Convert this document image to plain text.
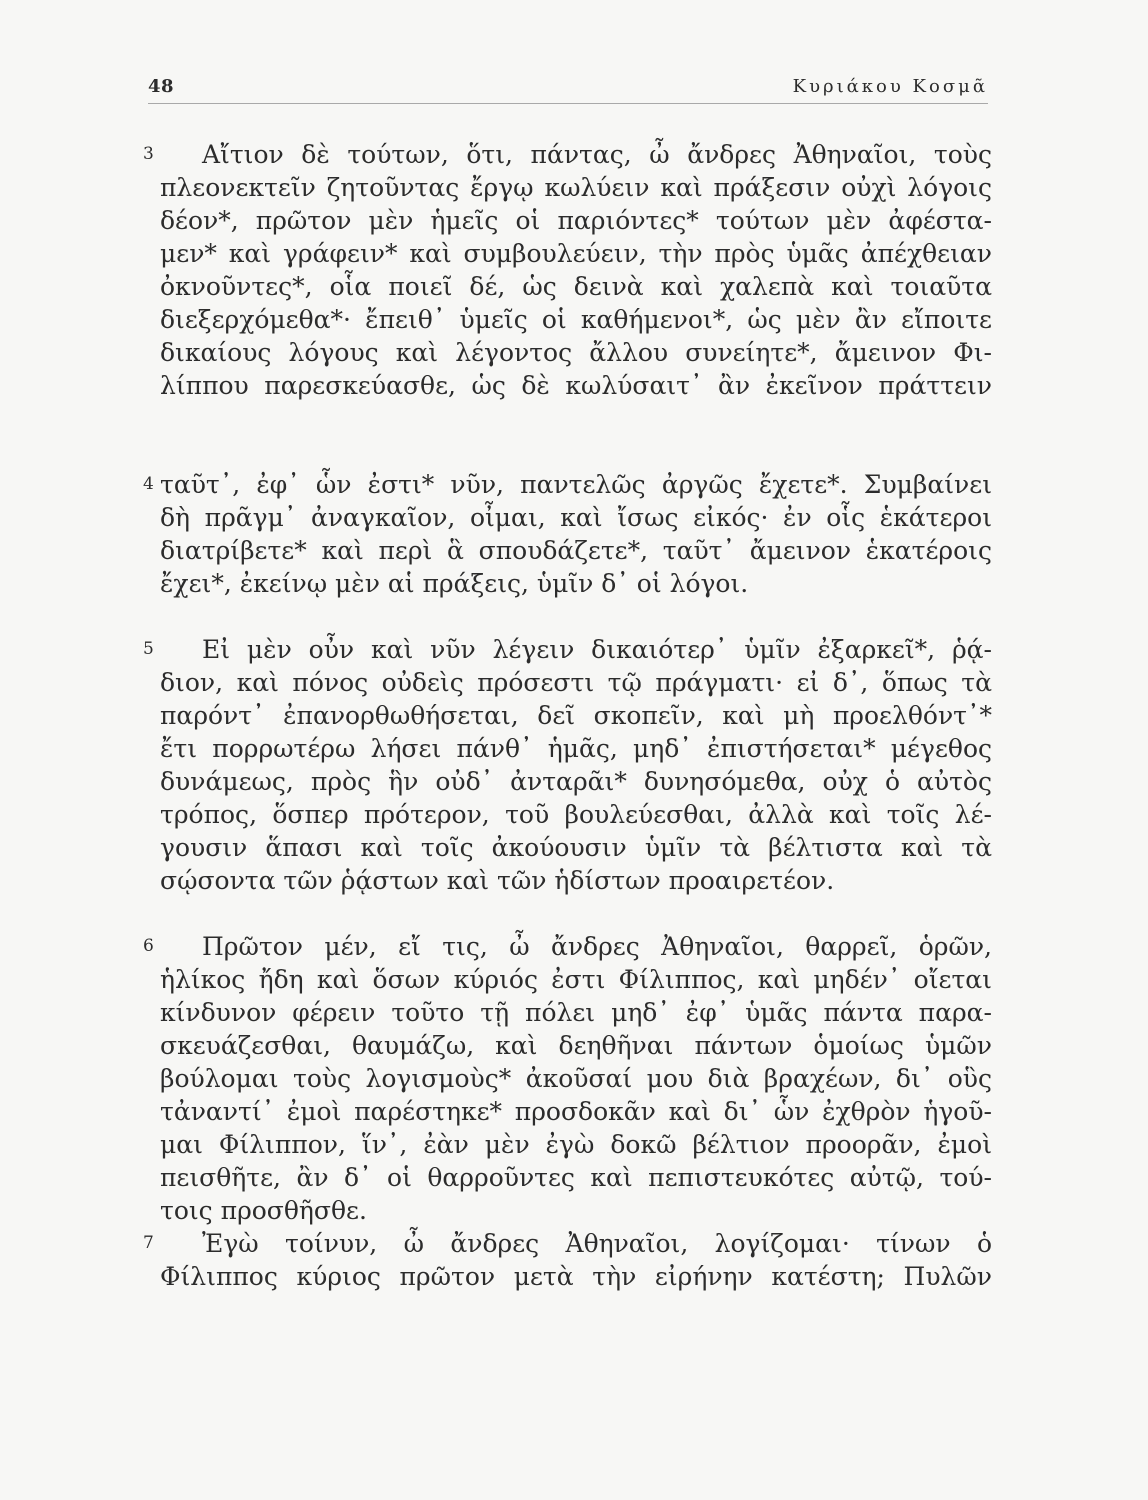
48	Κυριάκου Κοσμᾶ
3
4
5
6
7
Αἴτιον δὲ τούτων, ὅτι, πάντας, ὦ ἄνδρες Ἀθηναῖοι, τοὺς
πλεονεκτεῖν ζητοῦντας ἔργῳ κωλύειν καὶ πράξεσιν οὐχὶ λόγοις
δέον*, πρῶτον μὲν ἡμεῖς οἱ παριόντες* τούτων μὲν ἀφέστα-
μεν* καὶ γράφειν* καὶ συμβουλεύειν, τὴν πρὸς ὑμᾶς ἀπέχθειαν
ὀκνοῦντες*, οἷα ποιεῖ δέ, ὡς δεινὰ καὶ χαλεπὰ καὶ τοιαῦτα
διεξερχόμεθα*· ἔπειθ᾽ ὑμεῖς οἱ καθήμενοι*, ὡς μὲν ἂν εἴποιτε
δικαίους λόγους καὶ λέγοντος ἄλλου συνείητε*, ἄμεινον Φι-
λίππου παρεσκεύασθε, ὡς δὲ κωλύσαιτ᾽ ἂν ἐκεῖνον πράττειν
ταῦτ᾽, ἐφ᾽ ὧν ἐστι* νῦν, παντελῶς ἀργῶς ἔχετε*. Συμβαίνει
δὴ πρᾶγμ᾽ ἀναγκαῖον, οἶμαι, καὶ ἴσως εἰκός· ἐν οἷς ἑκάτεροι
διατρίβετε* καὶ περὶ ἃ σπουδάζετε*, ταῦτ᾽ ἄμεινον ἑκατέροις
ἔχει*, ἐκείνῳ μὲν αἱ πράξεις, ὑμῖν δ᾽ οἱ λόγοι.
Εἰ μὲν οὖν καὶ νῦν λέγειν δικαιότερ᾽ ὑμῖν ἐξαρκεῖ*, ῥᾴ-
διον, καὶ πόνος οὐδεὶς πρόσεστι τῷ πράγματι· εἰ δ᾽, ὅπως τὰ
παρόντ᾽ ἐπανορθωθήσεται, δεῖ σκοπεῖν, καὶ μὴ προελθόντ᾽*
ἔτι πορρωτέρω λήσει πάνθ᾽ ἡμᾶς, μηδ᾽ ἐπιστήσεται* μέγεθος
δυνάμεως, πρὸς ἣν οὐδ᾽ ἀνταρᾶι* δυνησόμεθα, οὐχ ὁ αὐτὸς
τρόπος, ὅσπερ πρότερον, τοῦ βουλεύεσθαι, ἀλλὰ καὶ τοῖς λέ-
γουσιν ἅπασι καὶ τοῖς ἀκούουσιν ὑμῖν τὰ βέλτιστα καὶ τὰ
σῴσοντα τῶν ῥᾴστων καὶ τῶν ἡδίστων προαιρετέον.
Πρῶτον μέν, εἴ τις, ὦ ἄνδρες Ἀθηναῖοι, θαρρεῖ, ὁρῶν,
ἡλίκος ἤδη καὶ ὅσων κύριός ἐστι Φίλιππος, καὶ μηδέν᾽ οἴεται
κίνδυνον φέρειν τοῦτο τῇ πόλει μηδ᾽ ἐφ᾽ ὑμᾶς πάντα παρα-
σκευάζεσθαι, θαυμάζω, καὶ δεηθῆναι πάντων ὁμοίως ὑμῶν
βούλομαι τοὺς λογισμοὺς* ἀκοῦσαί μου διὰ βραχέων, δι᾽ οὓς
τἀναντί᾽ ἐμοὶ παρέστηκε* προσδοκᾶν καὶ δι᾽ ὧν ἐχθρὸν ἡγοῦ-
μαι Φίλιππον, ἵν᾽, ἐὰν μὲν ἐγὼ δοκῶ βέλτιον προορᾶν, ἐμοὶ
πεισθῆτε, ἂν δ᾽ οἱ θαρροῦντες καὶ πεπιστευκότες αὐτῷ, τού-
τοις προσθῆσθε.
Ἐγὼ τοίνυν, ὦ ἄνδρες Ἀθηναῖοι, λογίζομαι· τίνων ὁ
Φίλιππος κύριος πρῶτον μετὰ τὴν εἰρήνην κατέστη; Πυλῶν
